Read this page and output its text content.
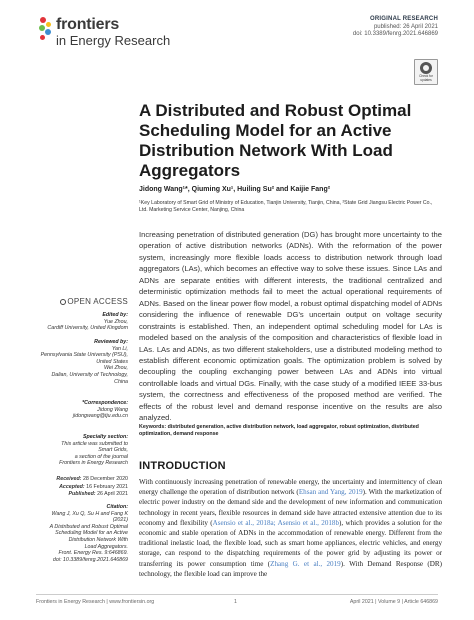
frontiers
in Energy Research
ORIGINAL RESEARCH
published: 26 April 2021
doi: 10.3389/fenrg.2021.646869
Check for updates
A Distributed and Robust Optimal Scheduling Model for an Active Distribution Network With Load Aggregators
Jidong Wang¹*, Qiuming Xu¹, Huiling Su² and Kaijie Fang²
¹Key Laboratory of Smart Grid of Ministry of Education, Tianjin University, Tianjin, China, ²State Grid Jiangsu Electric Power Co., Ltd. Marketing Service Center, Nanjing, China
Increasing penetration of distributed generation (DG) has brought more uncertainty to the operation of active distribution networks (ADNs). With the reformation of the power system, increasingly more flexible loads access to distribution network through load aggregators (LAs), which becomes an effective way to solve these issues. Since LAs and ADNs are separate entities with different interests, the traditional centralized and deterministic optimization methods fail to meet the actual operational requirements of ADNs. Based on the linear power flow model, a robust optimal dispatching model of ADNs considering the influence of renewable DG’s uncertain output on voltage security constraints is established. Then, an independent optimal scheduling model for LAs is modeled based on the analysis of the composition and characteristics of flexible load in LAs. LAs and ADNs, as two different stakeholders, use a distributed modeling method to establish different economic optimization goals. The optimization problem is solved by decoupling the coupling exchanging power between LAs and ADNs into virtual controllable loads and virtual DGs. Finally, with the case study of a modified IEEE 33-bus system, the correctness and effectiveness of the proposed method are verified. The effects of the robust level and demand response incentive on the results are also analyzed.
Keywords: distributed generation, active distribution network, load aggregator, robust optimization, distributed optimization, demand response
OPEN ACCESS
Edited by:
Yue Zhou,
Cardiff University, United Kingdom
Reviewed by:
Yan Li,
Pennsylvania State University (PSU),
United States
Wei Zhou,
Dalian, University of Technology,
China
*Correspondence:
Jidong Wang
jidongwang@tju.edu.cn
Specialty section:
This article was submitted to
Smart Grids,
a section of the journal
Frontiers in Energy Research
Received: 28 December 2020
Accepted: 16 February 2021
Published: 26 April 2021
Citation:
Wang J, Xu Q, Su H and Fang K (2021)
A Distributed and Robust Optimal
Scheduling Model for an Active
Distribution Network With
Load Aggregators.
Front. Energy Res. 9:646869.
doi: 10.3389/fenrg.2021.646869
INTRODUCTION
With continuously increasing penetration of renewable energy, the uncertainty and intermittency of clean energy challenge the operation of distribution network (Ehsan and Yang, 2019). With the marketization of electric power industry on the demand side and the development of new information and communication technology in recent years, flexible resources in demand side have attracted extensive attention due to its economy and flexibility (Asensio et al., 2018a; Asensio et al., 2018b), which provides a solution for the economic and stable operation of ADNs in the accommodation of renewable energy. Different from the traditional inelastic load, the flexible load, such as smart home appliances, electric vehicles, and energy storage, can respond to the dispatching requirements of the power grid by adjusting its power or transferring its power consumption time (Zhang G. et al., 2019). With Demand Response (DR) technology, the flexible load can improve the
Frontiers in Energy Research | www.frontiersin.org	1	April 2021 | Volume 9 | Article 646869
